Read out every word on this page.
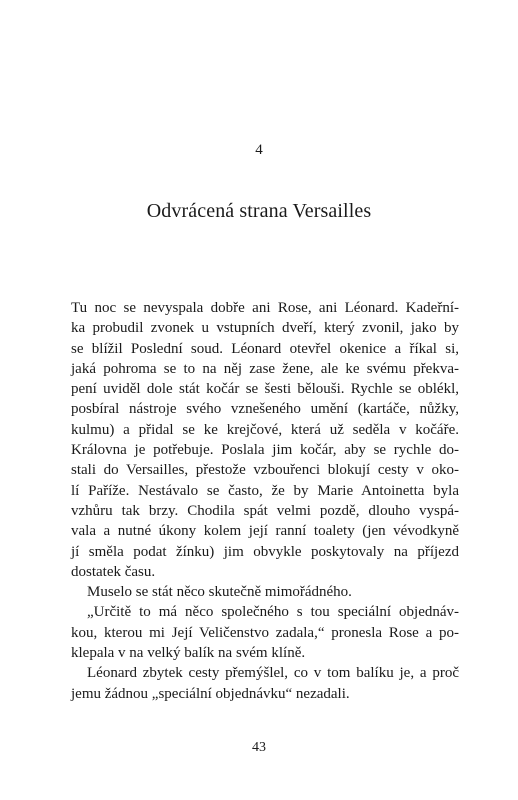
4
Odvrácená strana Versailles
Tu noc se nevyspala dobře ani Rose, ani Léonard. Kadeřní-
ka probudil zvonek u vstupních dveří, který zvonil, jako by
se blížil Poslední soud. Léonard otevřel okenice a říkal si,
jaká pohroma se to na něj zase žene, ale ke svému překva-
pení uviděl dole stát kočár se šesti bělouši. Rychle se oblékl,
posbíral nástroje svého vznešeného umění (kartáče, nůžky,
kulmu) a přidal se ke krejčové, která už seděla v kočáře.
Královna je potřebuje. Poslala jim kočár, aby se rychle do-
stali do Versailles, přestože vzbouřenci blokují cesty v oko-
lí Paříže. Nestávalo se často, že by Marie Antoinetta byla
vzhůru tak brzy. Chodila spát velmi pozdě, dlouho vyspá-
vala a nutné úkony kolem její ranní toalety (jen vévodkyně
jí směla podat žínku) jim obvykle poskytovaly na příjezd
dostatek času.
Muselo se stát něco skutečně mimořádného.
„Určitě to má něco společného s tou speciální objednáv-
kou, kterou mi Její Veličenstvo zadala,“ pronesla Rose a po-
klepala v na velký balík na svém klíně.
Léonard zbytek cesty přemýšlel, co v tom balíku je, a proč
jemu žádnou „speciální objednávku“ nezadali.
43
